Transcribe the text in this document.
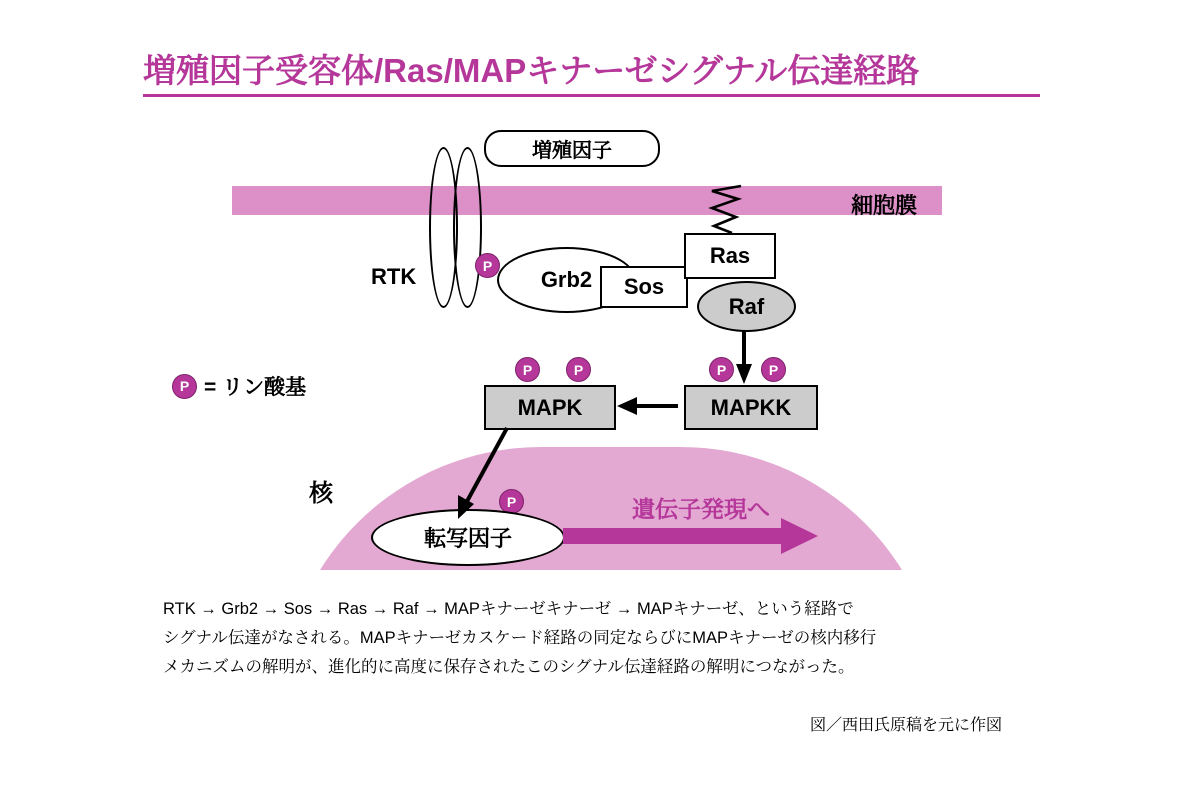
増殖因子受容体/Ras/MAPキナーゼシグナル伝達経路
細胞膜
核
増殖因子
RTK	Grb2	Sos
Ras
Raf
P
MAPK	MAPKK
P	P	P	P
P
P = リン酸基
転写因子
遺伝子発現へ
RTK → Grb2 → Sos → Ras → Raf → MAPキナーゼキナーゼ → MAPキナーゼ、という経路で
シグナル伝達がなされる。MAPキナーゼカスケード経路の同定ならびにMAPキナーゼの核内移行
メカニズムの解明が、進化的に高度に保存されたこのシグナル伝達経路の解明につながった。
図／西田氏原稿を元に作図
